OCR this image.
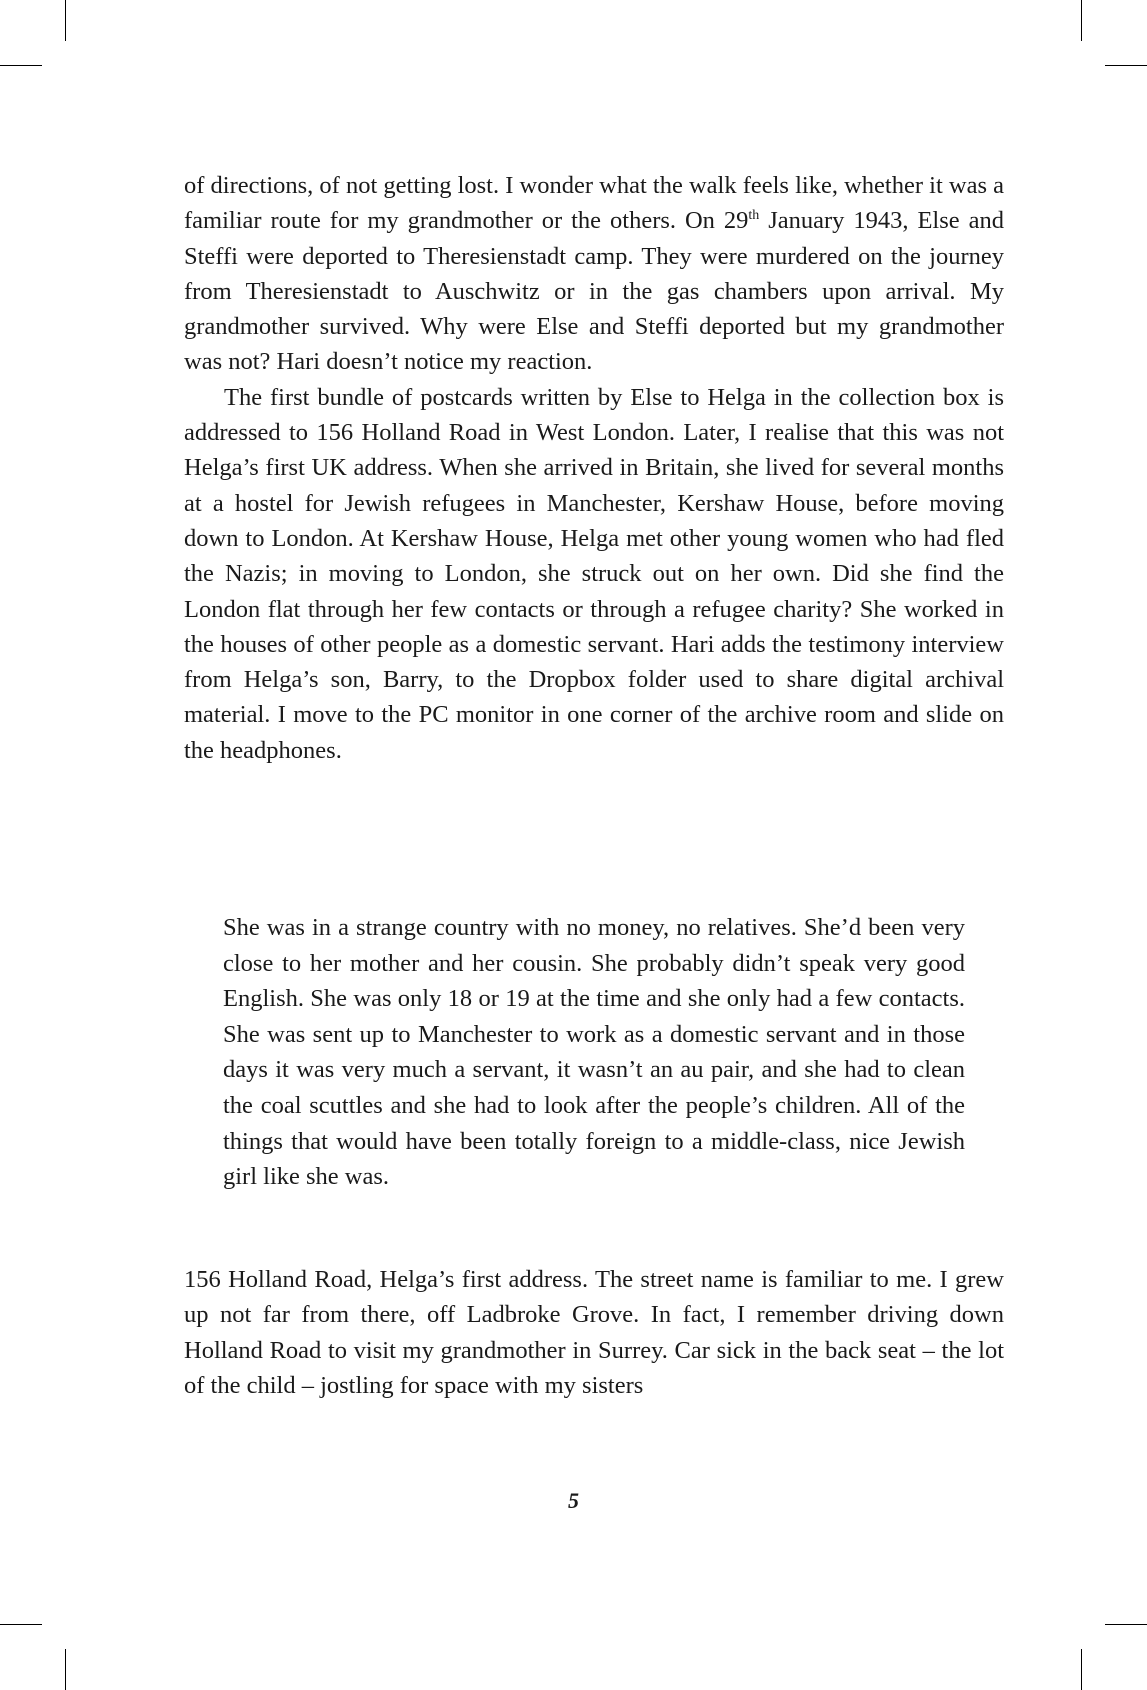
of directions, of not getting lost. I wonder what the walk feels like, whether it was a familiar route for my grandmother or the others. On 29th January 1943, Else and Steffi were deported to Theresienstadt camp. They were murdered on the journey from Theresienstadt to Auschwitz or in the gas chambers upon arrival. My grandmother survived. Why were Else and Steffi deported but my grandmother was not? Hari doesn’t notice my reaction.

The first bundle of postcards written by Else to Helga in the collection box is addressed to 156 Holland Road in West London. Later, I realise that this was not Helga’s first UK address. When she arrived in Britain, she lived for several months at a hostel for Jewish refugees in Manchester, Kershaw House, before moving down to London. At Kershaw House, Helga met other young women who had fled the Nazis; in moving to London, she struck out on her own. Did she find the London flat through her few contacts or through a refugee charity? She worked in the houses of other people as a domestic servant. Hari adds the testimony interview from Helga’s son, Barry, to the Dropbox folder used to share digital archival material. I move to the PC monitor in one corner of the archive room and slide on the headphones.

She was in a strange country with no money, no relatives. She’d been very close to her mother and her cousin. She probably didn’t speak very good English. She was only 18 or 19 at the time and she only had a few contacts. She was sent up to Manchester to work as a domestic servant and in those days it was very much a servant, it wasn’t an au pair, and she had to clean the coal scuttles and she had to look after the people’s children. All of the things that would have been totally foreign to a middle-class, nice Jewish girl like she was.

156 Holland Road, Helga’s first address. The street name is familiar to me. I grew up not far from there, off Ladbroke Grove. In fact, I remember driving down Holland Road to visit my grandmother in Surrey. Car sick in the back seat – the lot of the child – jostling for space with my sisters

5
